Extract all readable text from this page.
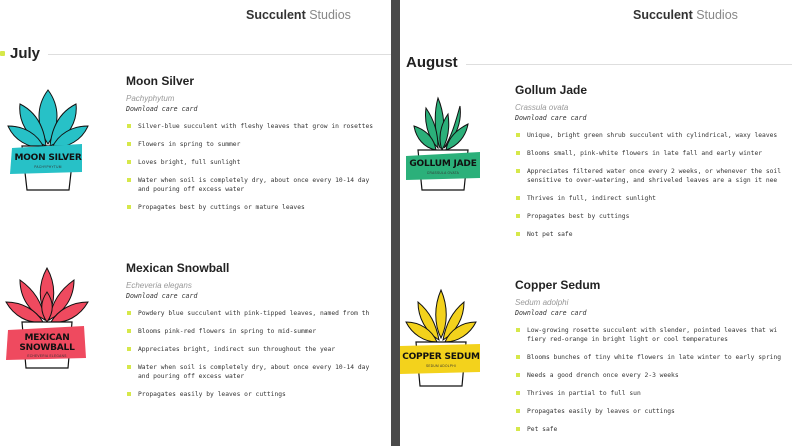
Succulent Studios
July
MOON SILVER
PACHYPHYTUM
Moon Silver
Pachyphytum
Download care card
Silver-blue succulent with fleshy leaves that grow in rosettes
Flowers in spring to summer
Loves bright, full sunlight
Water when soil is completely dry, about once every 10-14 day
and pouring off excess water
Propagates best by cuttings or mature leaves
MEXICAN
SNOWBALL
ECHEVERIA ELEGANS
Mexican Snowball
Echeveria elegans
Download care card
Powdery blue succulent with pink-tipped leaves, named from th
Blooms pink-red flowers in spring to mid-summer
Appreciates bright, indirect sun throughout the year
Water when soil is completely dry, about once every 10-14 day
and pouring off excess water
Propagates easily by leaves or cuttings
Succulent Studios
August
GOLLUM JADE
CRASSULA OVATA
Gollum Jade
Crassula ovata
Download care card
Unique, bright green shrub succulent with cylindrical, waxy leaves
Blooms small, pink-white flowers in late fall and early winter
Appreciates filtered water once every 2 weeks, or whenever the soil
sensitive to over-watering, and shriveled leaves are a sign it nee
Thrives in full, indirect sunlight
Propagates best by cuttings
Not pet safe
COPPER SEDUM
SEDUM ADOLPHI
Copper Sedum
Sedum adolphi
Download care card
Low-growing rosette succulent with slender, pointed leaves that wi
fiery red-orange in bright light or cool temperatures
Blooms bunches of tiny white flowers in late winter to early spring
Needs a good drench once every 2-3 weeks
Thrives in partial to full sun
Propagates easily by leaves or cuttings
Pet safe
